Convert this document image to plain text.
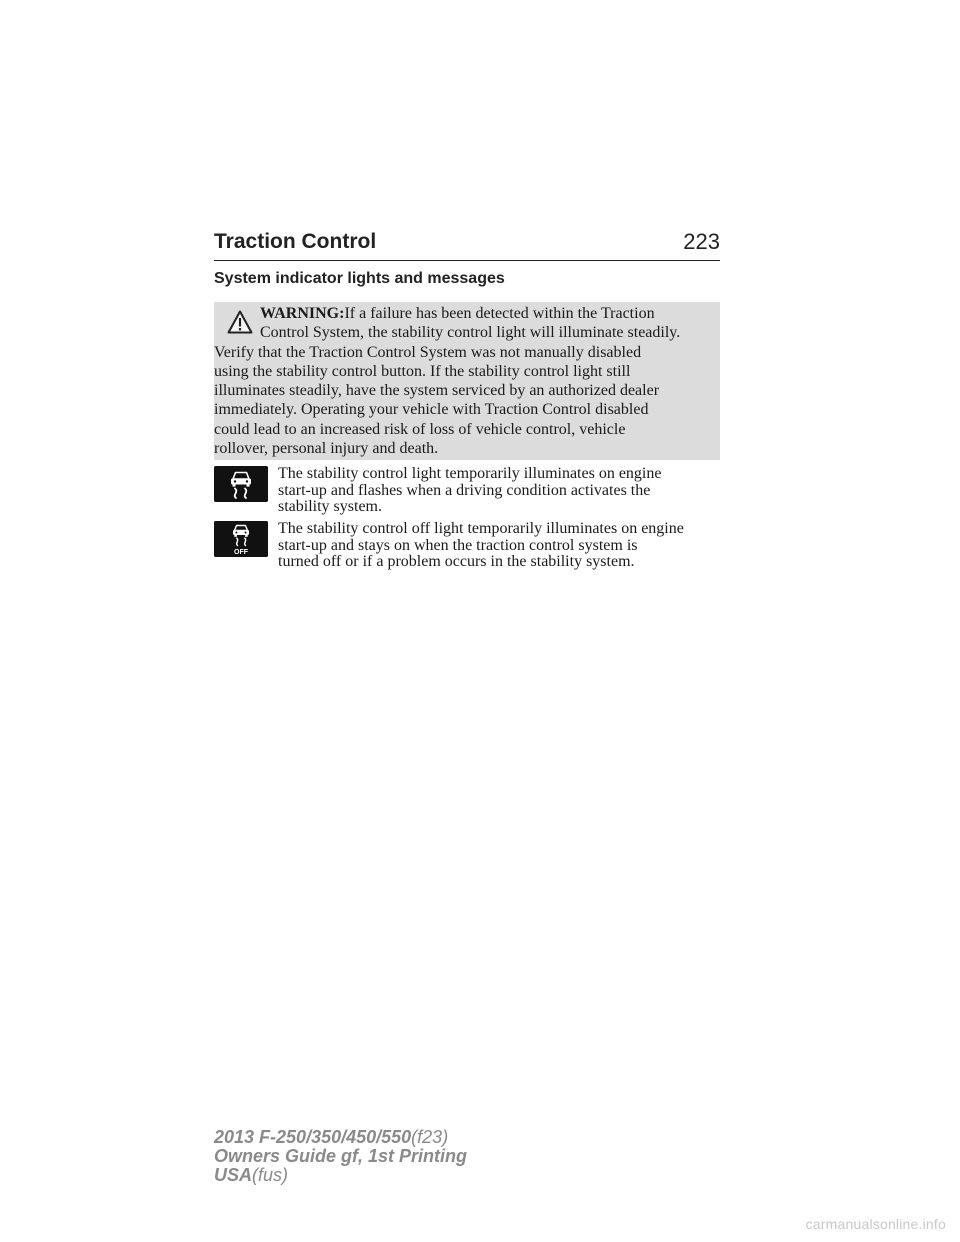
Traction Control	223
System indicator lights and messages
WARNING:If a failure has been detected within the Traction
Control System, the stability control light will illuminate steadily.
Verify that the Traction Control System was not manually disabled
using the stability control button. If the stability control light still
illuminates steadily, have the system serviced by an authorized dealer
immediately. Operating your vehicle with Traction Control disabled
could lead to an increased risk of loss of vehicle control, vehicle
rollover, personal injury and death.
The stability control light temporarily illuminates on engine
start-up and flashes when a driving condition activates the
stability system.
OFF
The stability control off light temporarily illuminates on engine
start-up and stays on when the traction control system is
turned off or if a problem occurs in the stability system.
2013 F-250/350/450/550(f23)
Owners Guide gf, 1st Printing
USA(fus)
carmanualsonline.info
